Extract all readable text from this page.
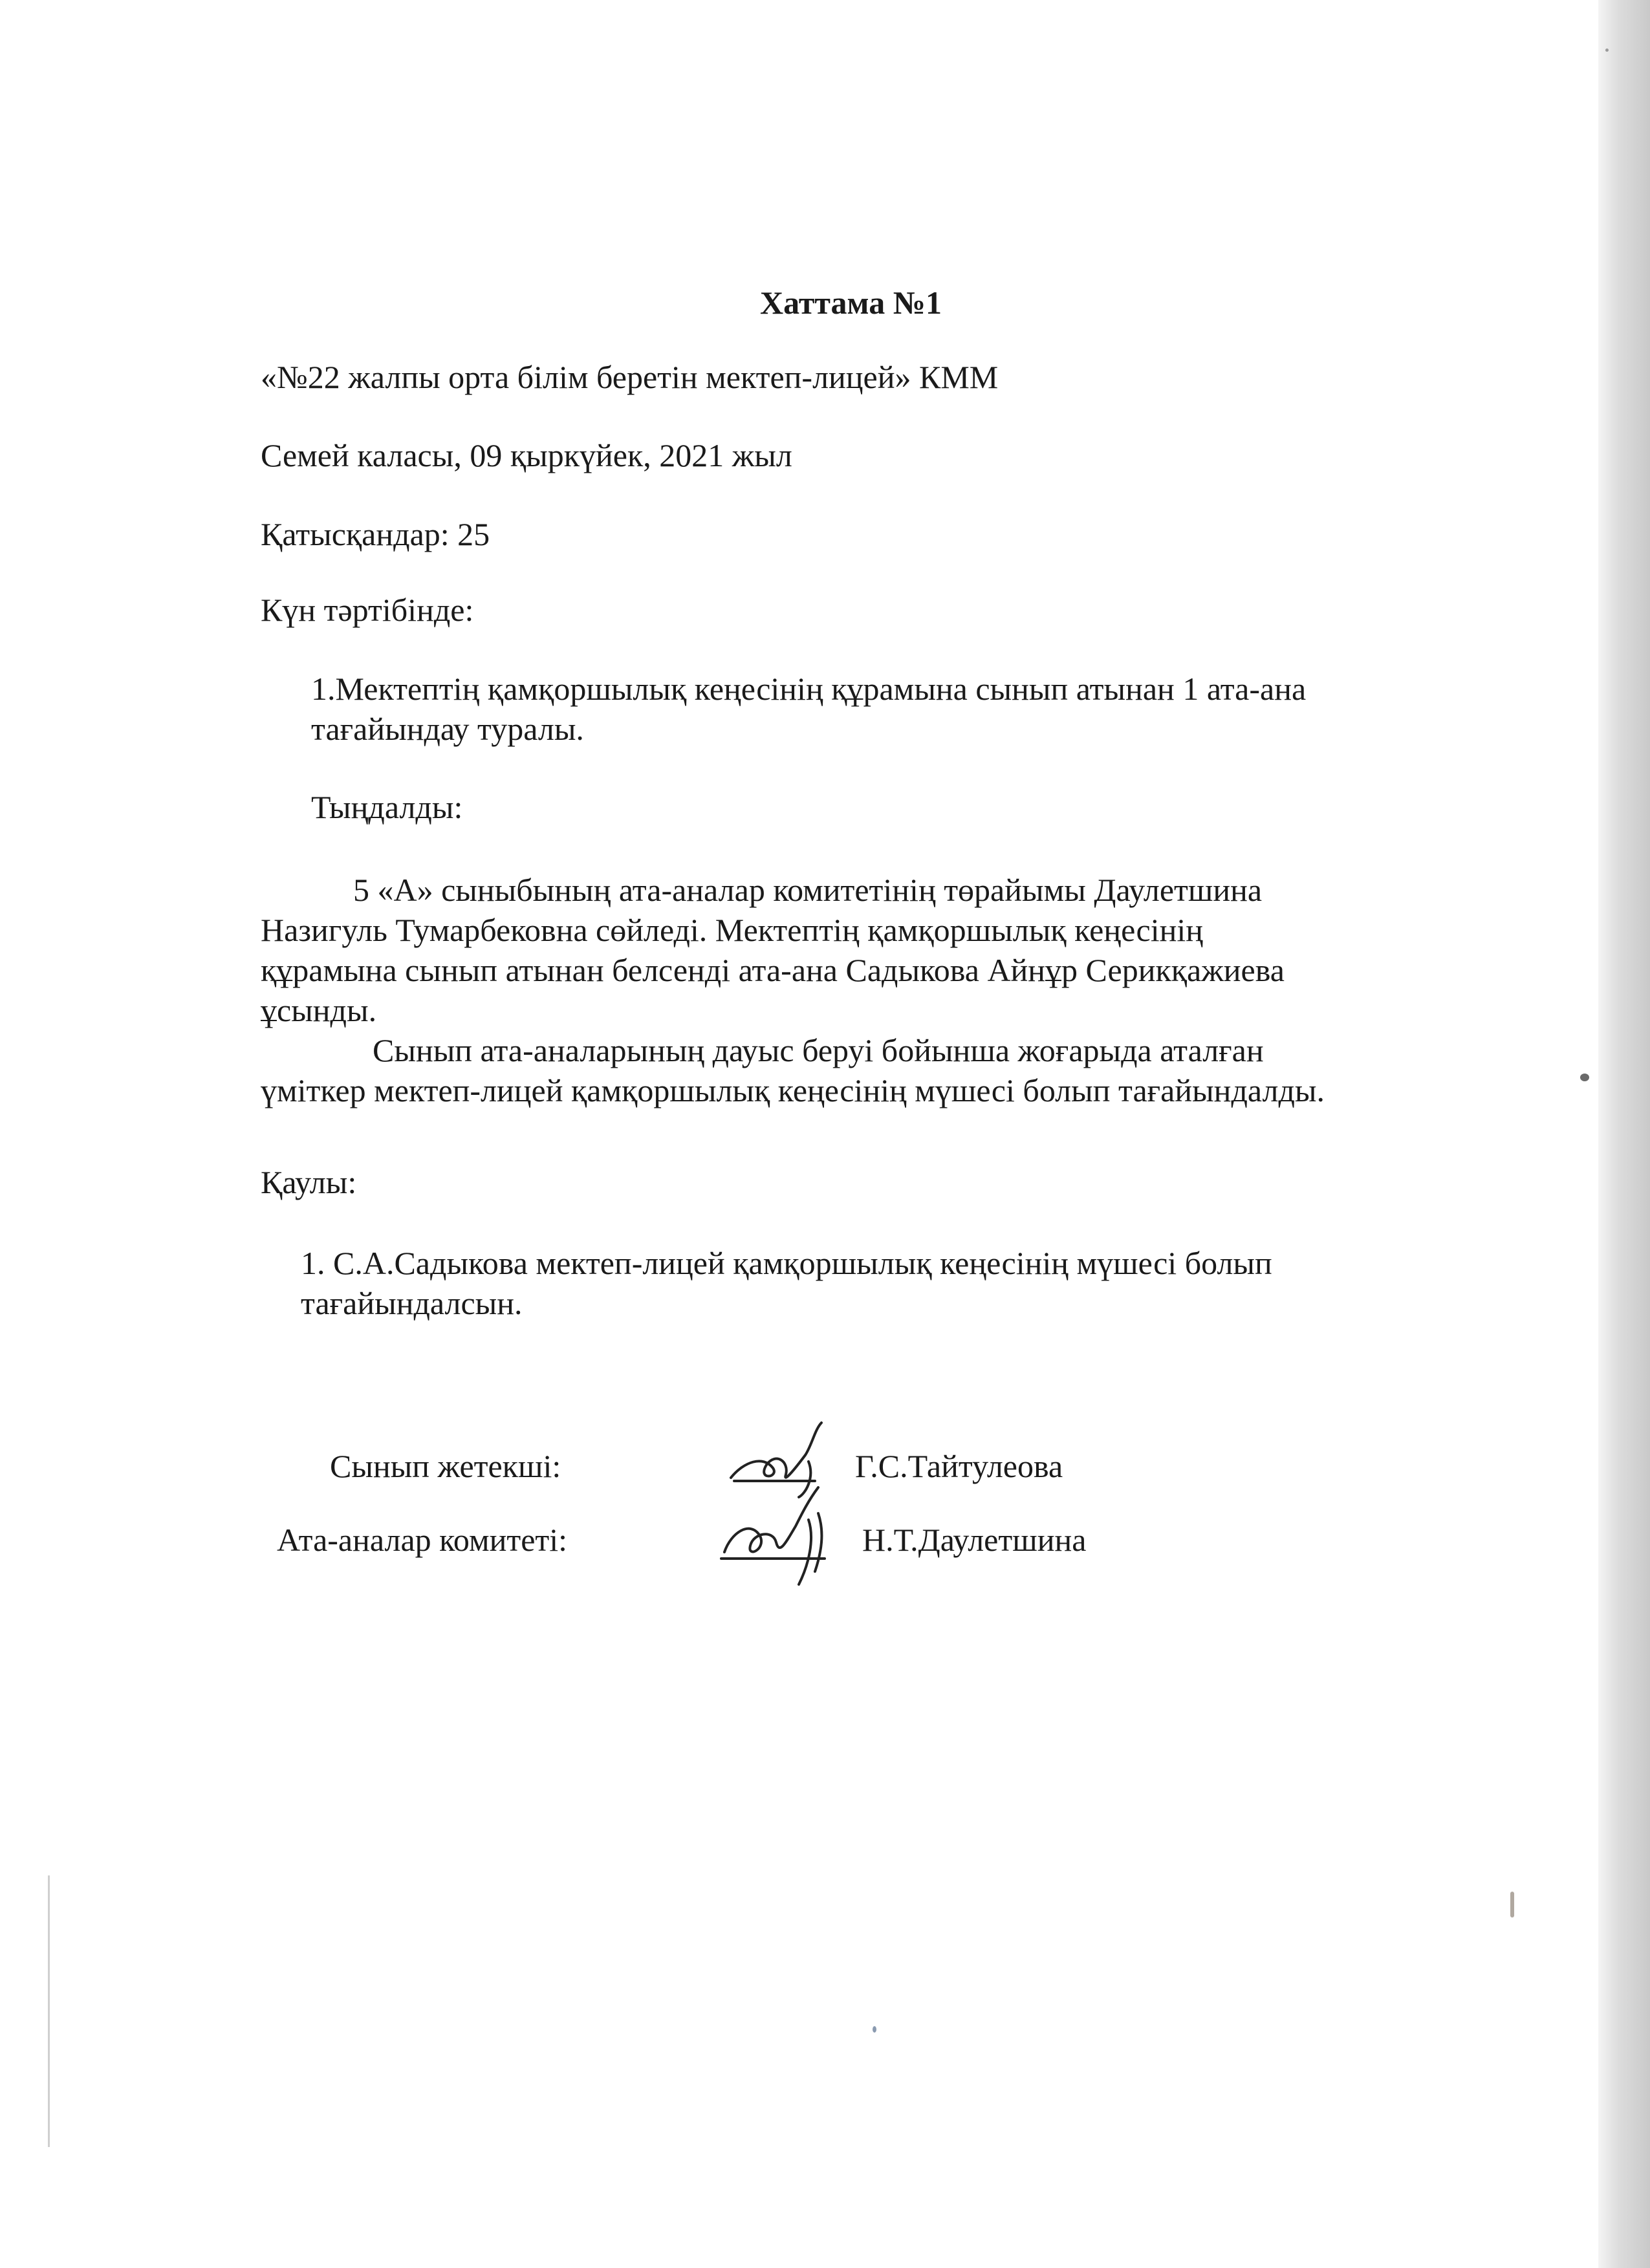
Хаттама №1
«№22 жалпы орта білім беретін мектеп-лицей» КММ
Семей каласы, 09 қыркүйек, 2021 жыл
Қатысқандар: 25
Күн тәртібінде:
1.Мектептің қамқоршылық кеңесінің құрамына сынып атынан 1 ата-ана
тағайындау туралы.
Тыңдалды:
5 «А» сыныбының ата-аналар комитетінің төрайымы Даулетшина
Назигуль Тумарбековна сөйледі. Мектептің қамқоршылық кеңесінің
құрамына сынып атынан белсенді ата-ана Садыкова Айнұр Серикқажиева
ұсынды.
Сынып ата-аналарының дауыс беруі бойынша жоғарыда аталған
үміткер мектеп-лицей қамқоршылық кеңесінің мүшесі болып тағайындалды.
Қаулы:
1. С.А.Садыкова мектеп-лицей қамқоршылық кеңесінің мүшесі болып
тағайындалсын.
Сынып жетекші:	Г.С.Тайтулеова
Ата-аналар комитеті:	Н.Т.Даулетшина
